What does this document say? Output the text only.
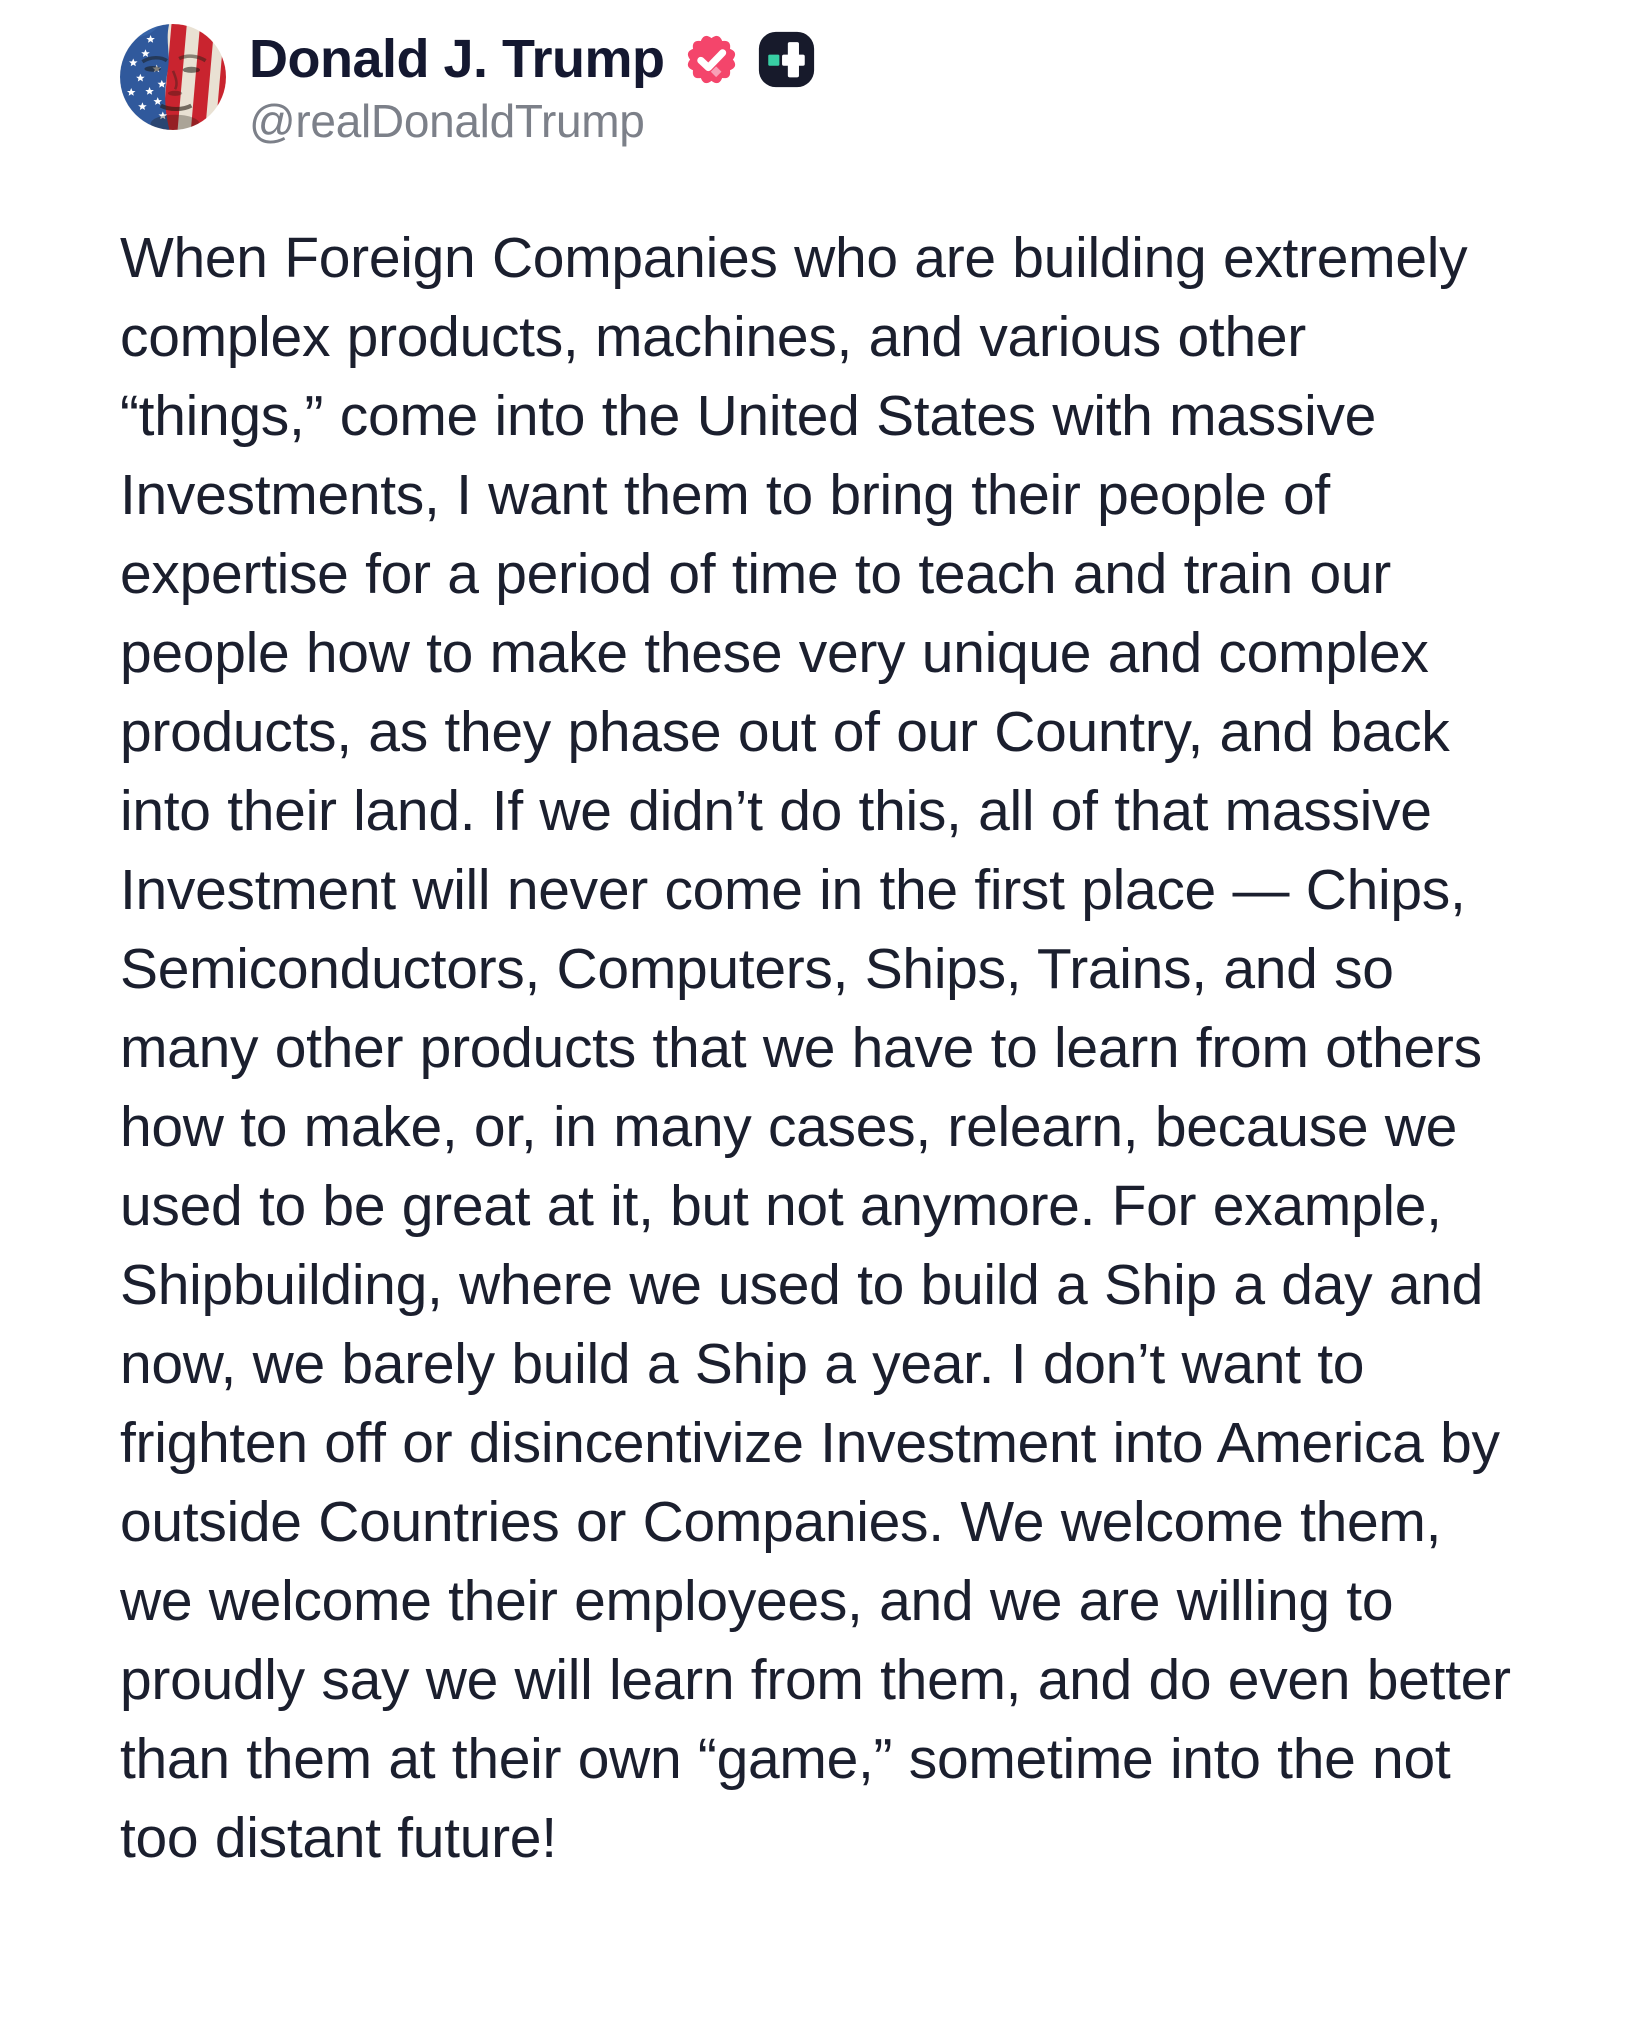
Donald J. Trump
@realDonaldTrump
When Foreign Companies who are building extremely complex products, machines, and various other “things,” come into the United States with massive Investments, I want them to bring their people of expertise for a period of time to teach and train our people how to make these very unique and complex products, as they phase out of our Country, and back into their land. If we didn’t do this, all of that massive Investment will never come in the first place — Chips, Semiconductors, Computers, Ships, Trains, and so many other products that we have to learn from others how to make, or, in many cases, relearn, because we used to be great at it, but not anymore. For example, Shipbuilding, where we used to build a Ship a day and now, we barely build a Ship a year. I don’t want to frighten off or disincentivize Investment into America by outside Countries or Companies. We welcome them, we welcome their employees, and we are willing to proudly say we will learn from them, and do even better than them at their own “game,” sometime into the not too distant future!
